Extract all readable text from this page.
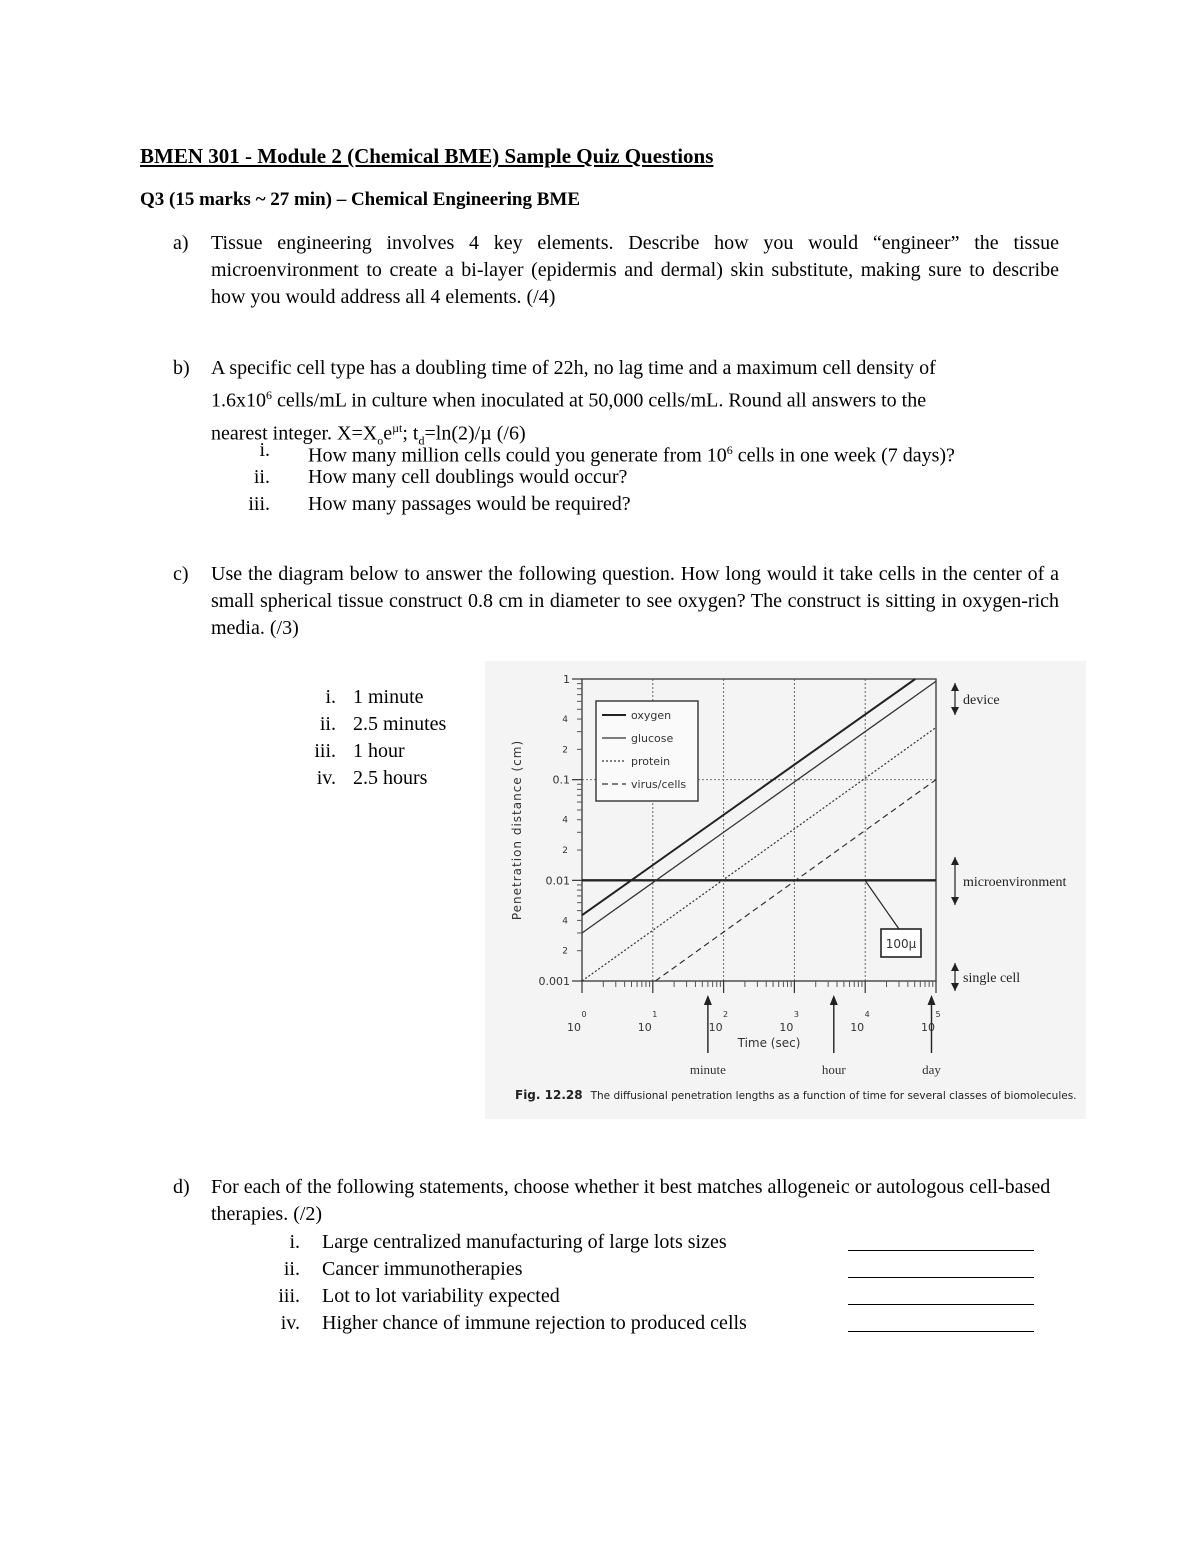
BMEN 301 - Module 2 (Chemical BME) Sample Quiz Questions
Q3 (15 marks ~ 27 min) – Chemical Engineering BME
a) Tissue engineering involves 4 key elements. Describe how you would “engineer” the tissue microenvironment to create a bi-layer (epidermis and dermal) skin substitute, making sure to describe how you would address all 4 elements. (/4)
b) A specific cell type has a doubling time of 22h, no lag time and a maximum cell density of
$1.6x10^6$ cells/mL in culture when inoculated at 50,000 cells/mL. Round all answers to the
nearest integer. $X=X_oe^{\mu t}$; $t_d=\ln(2)/\mu$ (/6)
i. How many million cells could you generate from $10^6$ cells in one week (7 days)?
ii. How many cell doublings would occur?
iii. How many passages would be required?
c) Use the diagram below to answer the following question. How long would it take cells in the center of a small spherical tissue construct 0.8 cm in diameter to see oxygen? The construct is sitting in oxygen-rich media. (/3)
i. 1 minute
ii. 2.5 minutes
iii. 1 hour
iv. 2.5 hours
1
0.1
0.01
0.001
4
2
4
2
4
2
Penetration distance (cm)
10
0
10
1
10
2
10
3
10
4
10
5
Time (sec)
minute	hour	day
oxygen
glucose
protein
virus/cells
100µ
device
microenvironment
single cell
Fig. 12.28 The diffusional penetration lengths as a function of time for several classes of biomolecules.
d) For each of the following statements, choose whether it best matches allogeneic or autologous cell-based therapies. (/2)
i. Large centralized manufacturing of large lots sizes
ii. Cancer immunotherapies
iii. Lot to lot variability expected
iv. Higher chance of immune rejection to produced cells
